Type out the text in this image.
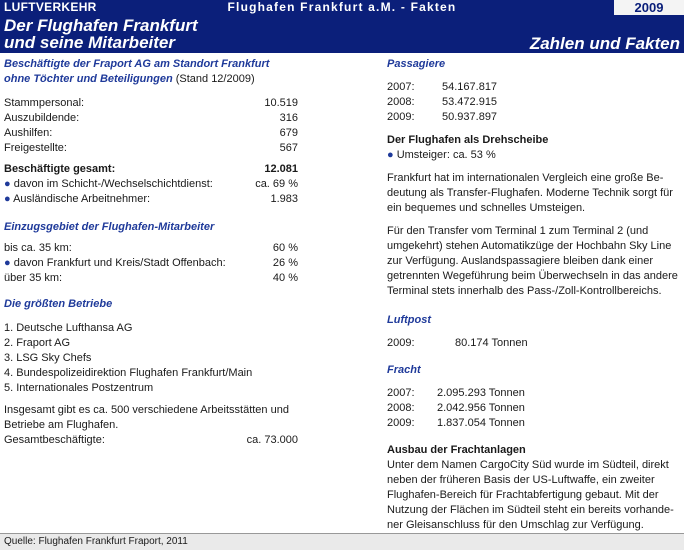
LUFTVERKEHR	Flughafen Frankfurt a.M. - Fakten	2009
Der Flughafen Frankfurt
und seine Mitarbeiter	Zahlen und Fakten
Beschäftigte der Fraport AG am Standort Frankfurt
ohne Töchter und Beteiligungen (Stand 12/2009)
Stammpersonal:	10.519
Auszubildende:	316
Aushilfen:	679
Freigestellte:	567
Beschäftigte gesamt:	12.081
● davon im Schicht-/Wechselschichtdienst:	ca. 69 %
● Ausländische Arbeitnehmer:	1.983
Einzugsgebiet der Flughafen-Mitarbeiter
bis ca. 35 km:	60 %
● davon Frankfurt und Kreis/Stadt Offenbach:	26 %
über 35 km:	40 %
Die größten Betriebe
1. Deutsche Lufthansa AG
2. Fraport AG
3. LSG Sky Chefs
4. Bundespolizeidirektion Flughafen Frankfurt/Main
5. Internationales Postzentrum
Insgesamt gibt es ca. 500 verschiedene Arbeitsstätten und
Betriebe am Flughafen.
Gesamtbeschäftigte:	ca. 73.000
Passagiere
2007:	54.167.817
2008:	53.472.915
2009:	50.937.897
Der Flughafen als Drehscheibe
● Umsteiger: ca. 53 %
Frankfurt hat im internationalen Vergleich eine große Be-
deutung als Transfer-Flughafen. Moderne Technik sorgt für
ein bequemes und schnelles Umsteigen.
Für den Transfer vom Terminal 1 zum Terminal 2 (und
umgekehrt) stehen Automatikzüge der Hochbahn Sky Line
zur Verfügung. Auslandspassagiere bleiben dank einer
getrennten Wegeführung beim Überwechseln in das andere
Terminal stets innerhalb des Pass-/Zoll-Kontrollbereichs.
Luftpost
2009:	80.174 Tonnen
Fracht
2007:	2.095.293 Tonnen
2008:	2.042.956 Tonnen
2009:	1.837.054 Tonnen
Ausbau der Frachtanlagen
Unter dem Namen CargoCity Süd wurde im Südteil, direkt
neben der früheren Basis der US-Luftwaffe, ein zweiter
Flughafen-Bereich für Frachtabfertigung gebaut. Mit der
Nutzung der Flächen im Südteil steht ein bereits vorhande-
ner Gleisanschluss für den Umschlag zur Verfügung.
Quelle: Flughafen Frankfurt Fraport, 2011
